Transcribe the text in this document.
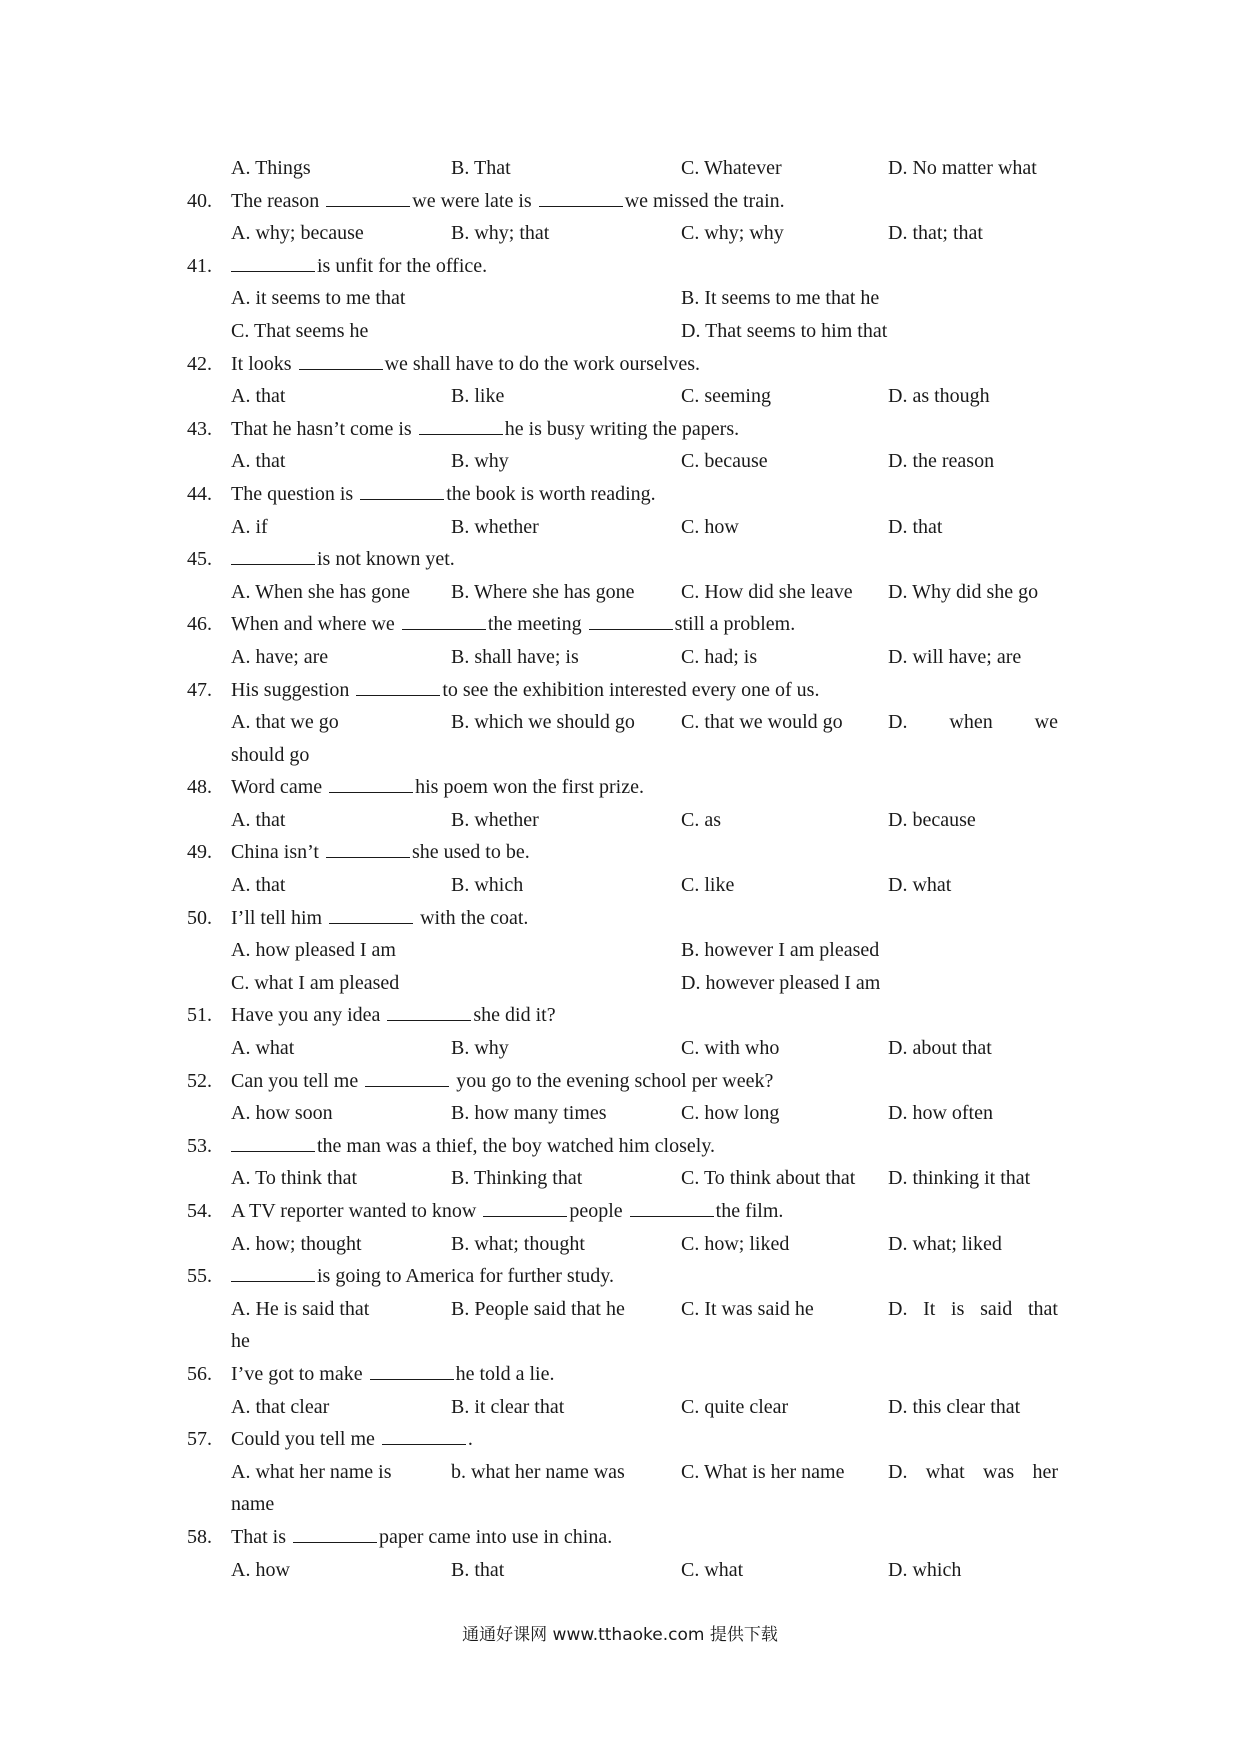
A. Things	B. That	C. Whatever	D. No matter what
40. The reason	we were late is	we missed the train.
A. why; because	B. why; that	C. why; why	D. that; that
41.	is unfit for the office.
A. it seems to me that	B. It seems to me that he
C. That seems he	D. That seems to him that
42. It looks	we shall have to do the work ourselves.
A. that	B. like	C. seeming	D. as though
43. That he hasn’t come is	he is busy writing the papers.
A. that	B. why	C. because	D. the reason
44. The question is	the book is worth reading.
A. if	B. whether	C. how	D. that
45.	is not known yet.
A. When she has gone B. Where she has gone C. How did she leave D. Why did she go
46. When and where we	the meeting	still a problem.
A. have; are	B. shall have; is	C. had; is	D. will have; are
47. His suggestion	to see the exhibition interested every one of us.
A. that we go	B. which we should go C. that we would go D. when we
should go
48. Word came	his poem won the first prize.
A. that	B. whether	C. as	D. because
49. China isn’t	she used to be.
A. that	B. which	C. like	D. what
50. I’ll tell him	with the coat.
A. how pleased I am	B. however I am pleased
C. what I am pleased	D. however pleased I am
51. Have you any idea	she did it?
A. what	B. why	C. with who	D. about that
52. Can you tell me	you go to the evening school per week?
A. how soon	B. how many times	C. how long	D. how often
53.	the man was a thief, the boy watched him closely.
A. To think that	B. Thinking that	C. To think about that D. thinking it that
54. A TV reporter wanted to know	people	the film.
A. how; thought	B. what; thought	C. how; liked	D. what; liked
55.	is going to America for further study.
A. He is said that	B. People said that he	C. It was said he	D. It is said that
he
56. I’ve got to make	he told a lie.
A. that clear	B. it clear that	C. quite clear	D. this clear that
57. Could you tell me	.
A. what her name is	b. what her name was	C. What is her name D. what was her
name
58. That is	paper came into use in china.
A. how	B. that	C. what	D. which
通通好课网 www.tthaoke.com 提供下载
